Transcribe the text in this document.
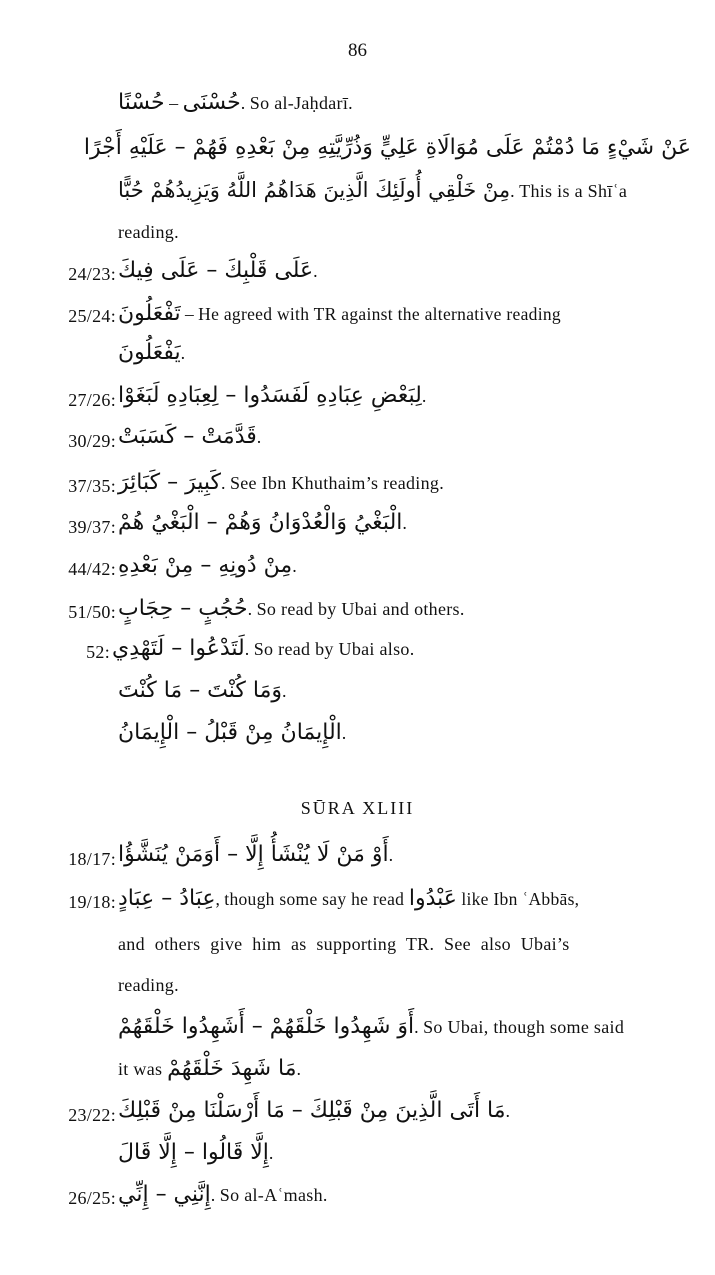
86
حُسْنًا – حُسْنَى. So al-Jaḥdarī.
عَنْ شَيْءٍ مَا دُمْتُمْ عَلَى مُوَالَاةِ عَلِيٍّ وَذُرِّيَّتِهِ مِنْ بَعْدِهِ فَهُمْ – عَلَيْهِ أَجْرًا
مِنْ خَلْقِي أُولَئِكَ الَّذِينَ هَدَاهُمُ اللَّهُ وَيَزِيدُهُمْ حُبًّا. This is a Shīʿa
reading.
24/23: عَلَى قَلْبِكَ – عَلَى فِيكَ.
25/24: تَفْعَلُونَ – He agreed with TR against the alternative reading
يَفْعَلُونَ.
27/26: لِبَعْضِ عِبَادِهِ لَفَسَدُوا – لِعِبَادِهِ لَبَغَوْا.
30/29: قَدَّمَتْ – كَسَبَتْ.
37/35: كَبِيرَ – كَبَائِرَ. See Ibn Khuthaim’s reading.
39/37: الْبَغْيُ وَالْعُدْوَانُ وَهُمْ – الْبَغْيُ هُمْ.
44/42: مِنْ دُونِهِ – مِنْ بَعْدِهِ.
51/50: حُجُبٍ – حِجَابٍ. So read by Ubai and others.
52: لَتَدْعُوا – لَتَهْدِي. So read by Ubai also.
وَمَا كُنْتَ – مَا كُنْتَ.
الْإِيمَانُ مِنْ قَبْلُ – الْإِيمَانُ.
SŪRA XLIII
18/17: أَوْ مَنْ لَا يُنْشَأُ إِلَّا – أَوَمَنْ يُنَشَّؤُا.
19/18: عِبَادُ – عِبَادٍ, though some say he read عَبْدُوا like Ibn ʿAbbās,
and others give him as supporting TR. See also Ubai’s
reading.
أَوَ شَهِدُوا خَلْقَهُمْ – أَشَهِدُوا خَلْقَهُمْ. So Ubai, though some said
it was مَا شَهِدَ خَلْقَهُمْ.
23/22: مَا أَتَى الَّذِينَ مِنْ قَبْلِكَ – مَا أَرْسَلْنَا مِنْ قَبْلِكَ.
إِلَّا قَالُوا – إِلَّا قَالَ.
26/25: إِنَّنِي – إِنِّي. So al-Aʿmash.
